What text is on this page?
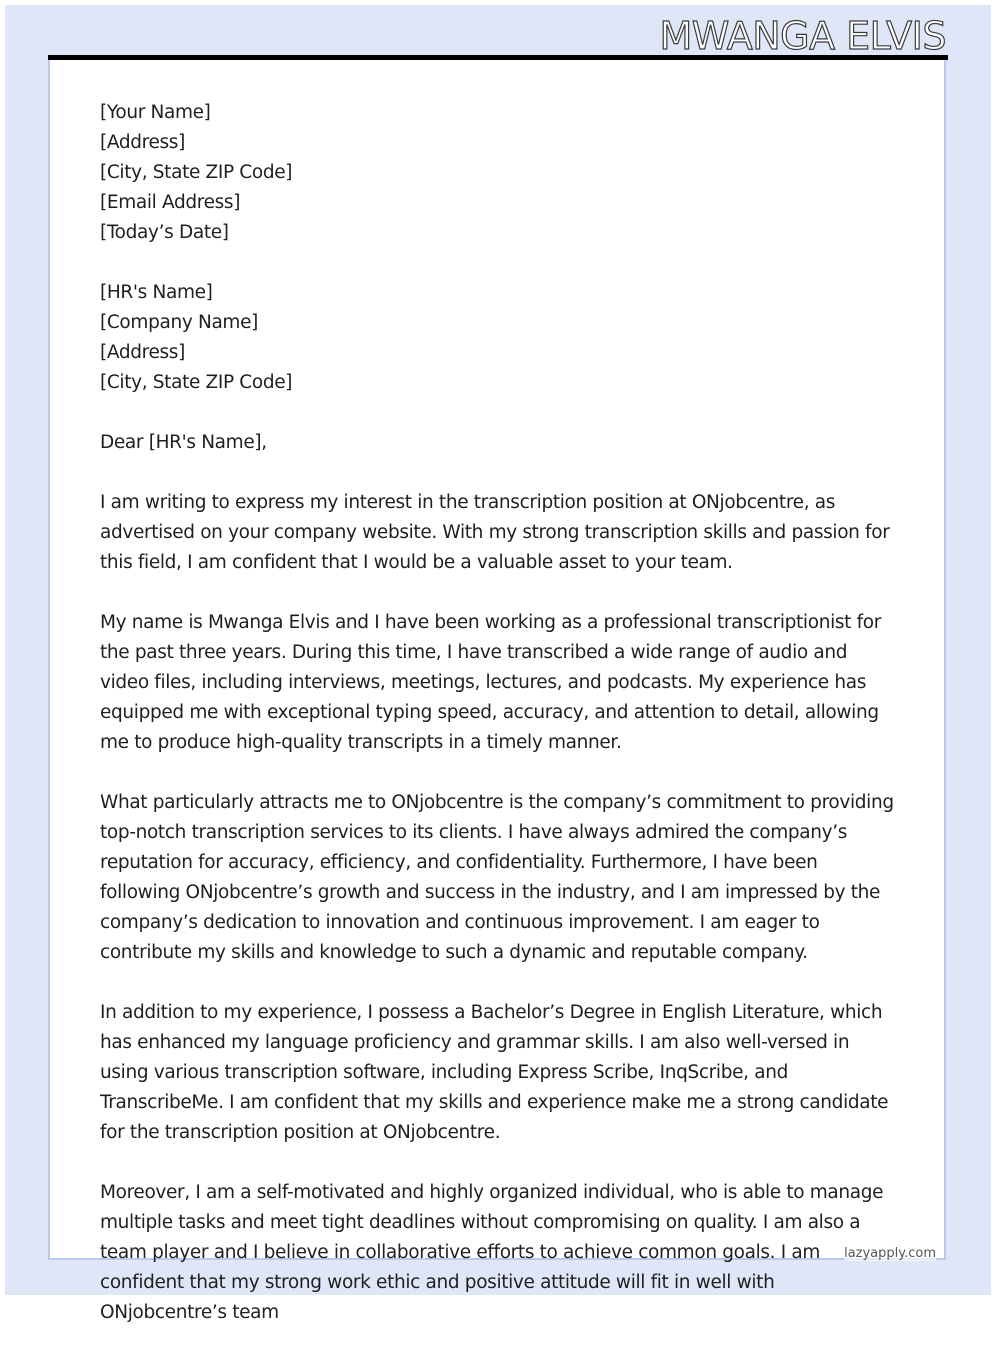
MWANGA ELVIS
[Your Name]
[Address]
[City, State ZIP Code]
[Email Address]
[Today’s Date]
[HR's Name]
[Company Name]
[Address]
[City, State ZIP Code]
Dear [HR's Name],

I am writing to express my interest in the transcription position at ONjobcentre, as advertised on your company website. With my strong transcription skills and passion for this field, I am confident that I would be a valuable asset to your team.

My name is Mwanga Elvis and I have been working as a professional transcriptionist for the past three years. During this time, I have transcribed a wide range of audio and video files, including interviews, meetings, lectures, and podcasts. My experience has equipped me with exceptional typing speed, accuracy, and attention to detail, allowing me to produce high-quality transcripts in a timely manner.

What particularly attracts me to ONjobcentre is the company’s commitment to providing top-notch transcription services to its clients. I have always admired the company’s reputation for accuracy, efficiency, and confidentiality. Furthermore, I have been following ONjobcentre’s growth and success in the industry, and I am impressed by the company’s dedication to innovation and continuous improvement. I am eager to contribute my skills and knowledge to such a dynamic and reputable company.

In addition to my experience, I possess a Bachelor’s Degree in English Literature, which has enhanced my language proficiency and grammar skills. I am also well-versed in using various transcription software, including Express Scribe, InqScribe, and TranscribeMe. I am confident that my skills and experience make me a strong candidate for the transcription position at ONjobcentre.

Moreover, I am a self-motivated and highly organized individual, who is able to manage multiple tasks and meet tight deadlines without compromising on quality. I am also a team player and I believe in collaborative efforts to achieve common goals. I am confident that my strong work ethic and positive attitude will fit in well with ONjobcentre’s team

lazyapply.com
